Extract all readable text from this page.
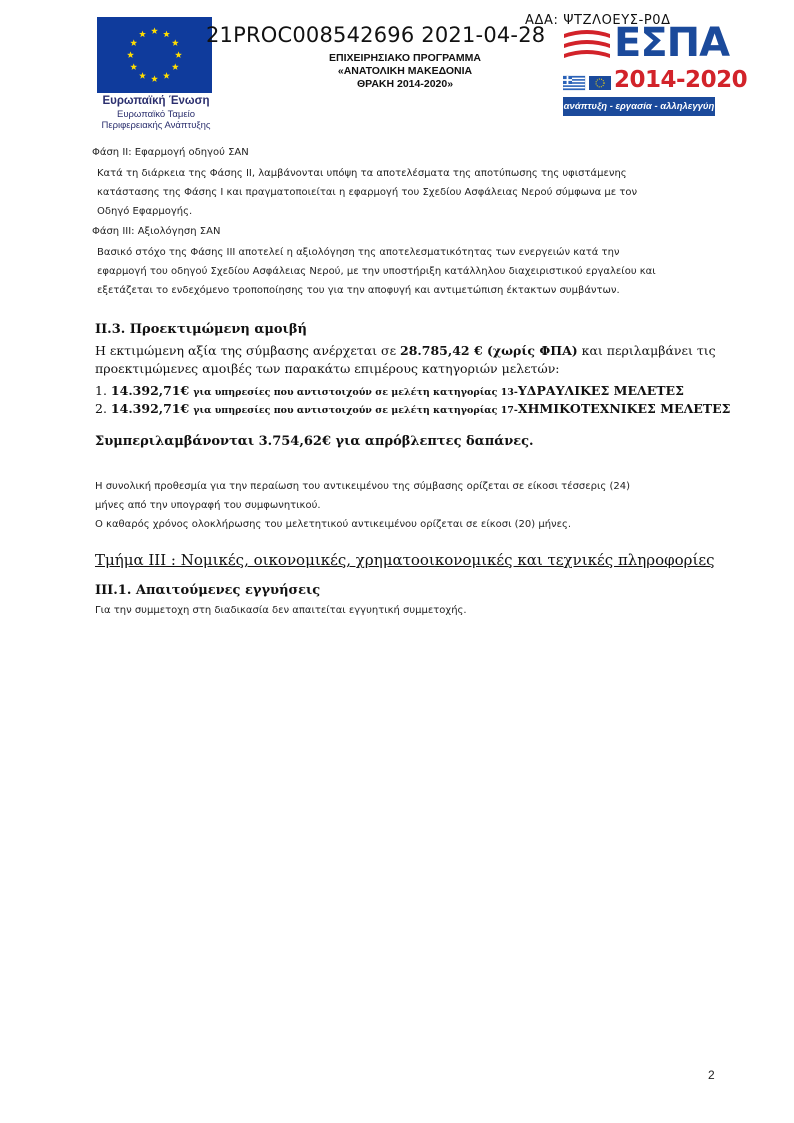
Ευρωπαϊκή Ένωση
Ευρωπαϊκό Ταμείο
Περιφερειακής Ανάπτυξης
21PROC008542696 2021-04-28
ΑΔΑ: ΨΤΖΛΟΕΥΣ-Ρ0Δ
ΕΠΙΧΕΙΡΗΣΙΑΚΟ ΠΡΟΓΡΑΜΜΑ
«ΑΝΑΤΟΛΙΚΗ ΜΑΚΕΔΟΝΙΑ
ΘΡΑΚΗ 2014-2020»
ΕΣΠΑ
2014-2020
ανάπτυξη - εργασία - αλληλεγγύη
Φάση ΙΙ: Εφαρμογή οδηγού ΣΑΝ
Κατά τη διάρκεια της Φάσης ΙΙ, λαμβάνονται υπόψη τα αποτελέσματα της αποτύπωσης της υφιστάμενης
κατάστασης της Φάσης Ι και πραγματοποιείται η εφαρμογή του Σχεδίου Ασφάλειας Νερού σύμφωνα με τον
Οδηγό Εφαρμογής.
Φάση ΙΙΙ: Αξιολόγηση ΣΑΝ
Βασικό στόχο της Φάσης ΙΙΙ αποτελεί η αξιολόγηση της αποτελεσματικότητας των ενεργειών κατά την
εφαρμογή του οδηγού Σχεδίου Ασφάλειας Νερού, με την υποστήριξη κατάλληλου διαχειριστικού εργαλείου και
εξετάζεται το ενδεχόμενο τροποποίησης του για την αποφυγή και αντιμετώπιση έκτακτων συμβάντων.
ΙΙ.3. Προεκτιμώμενη αμοιβή
Η εκτιμώμενη αξία της σύμβασης ανέρχεται σε 28.785,42 € (χωρίς ΦΠΑ) και περιλαμβάνει τις
προεκτιμώμενες αμοιβές των παρακάτω επιμέρους κατηγοριών μελετών:
1. 14.392,71€ για υπηρεσίες που αντιστοιχούν σε μελέτη κατηγορίας 13-ΥΔΡΑΥΛΙΚΕΣ ΜΕΛΕΤΕΣ
2. 14.392,71€ για υπηρεσίες που αντιστοιχούν σε μελέτη κατηγορίας 17-ΧΗΜΙΚΟΤΕΧΝΙΚΕΣ ΜΕΛΕΤΕΣ
Συμπεριλαμβάνονται 3.754,62€ για απρόβλεπτες δαπάνες.
Η συνολική προθεσμία για την περαίωση του αντικειμένου της σύμβασης ορίζεται σε είκοσι τέσσερις (24)
μήνες από την υπογραφή του συμφωνητικού.
Ο καθαρός χρόνος ολοκλήρωσης του μελετητικού αντικειμένου ορίζεται σε είκοσι (20) μήνες.
Τμήμα ΙΙΙ : Νομικές, οικονομικές, χρηματοοικονομικές και τεχνικές πληροφορίες
ΙΙΙ.1. Απαιτούμενες εγγυήσεις
Για την συμμετοχη στη διαδικασία δεν απαιτείται εγγυητική συμμετοχής.
2
